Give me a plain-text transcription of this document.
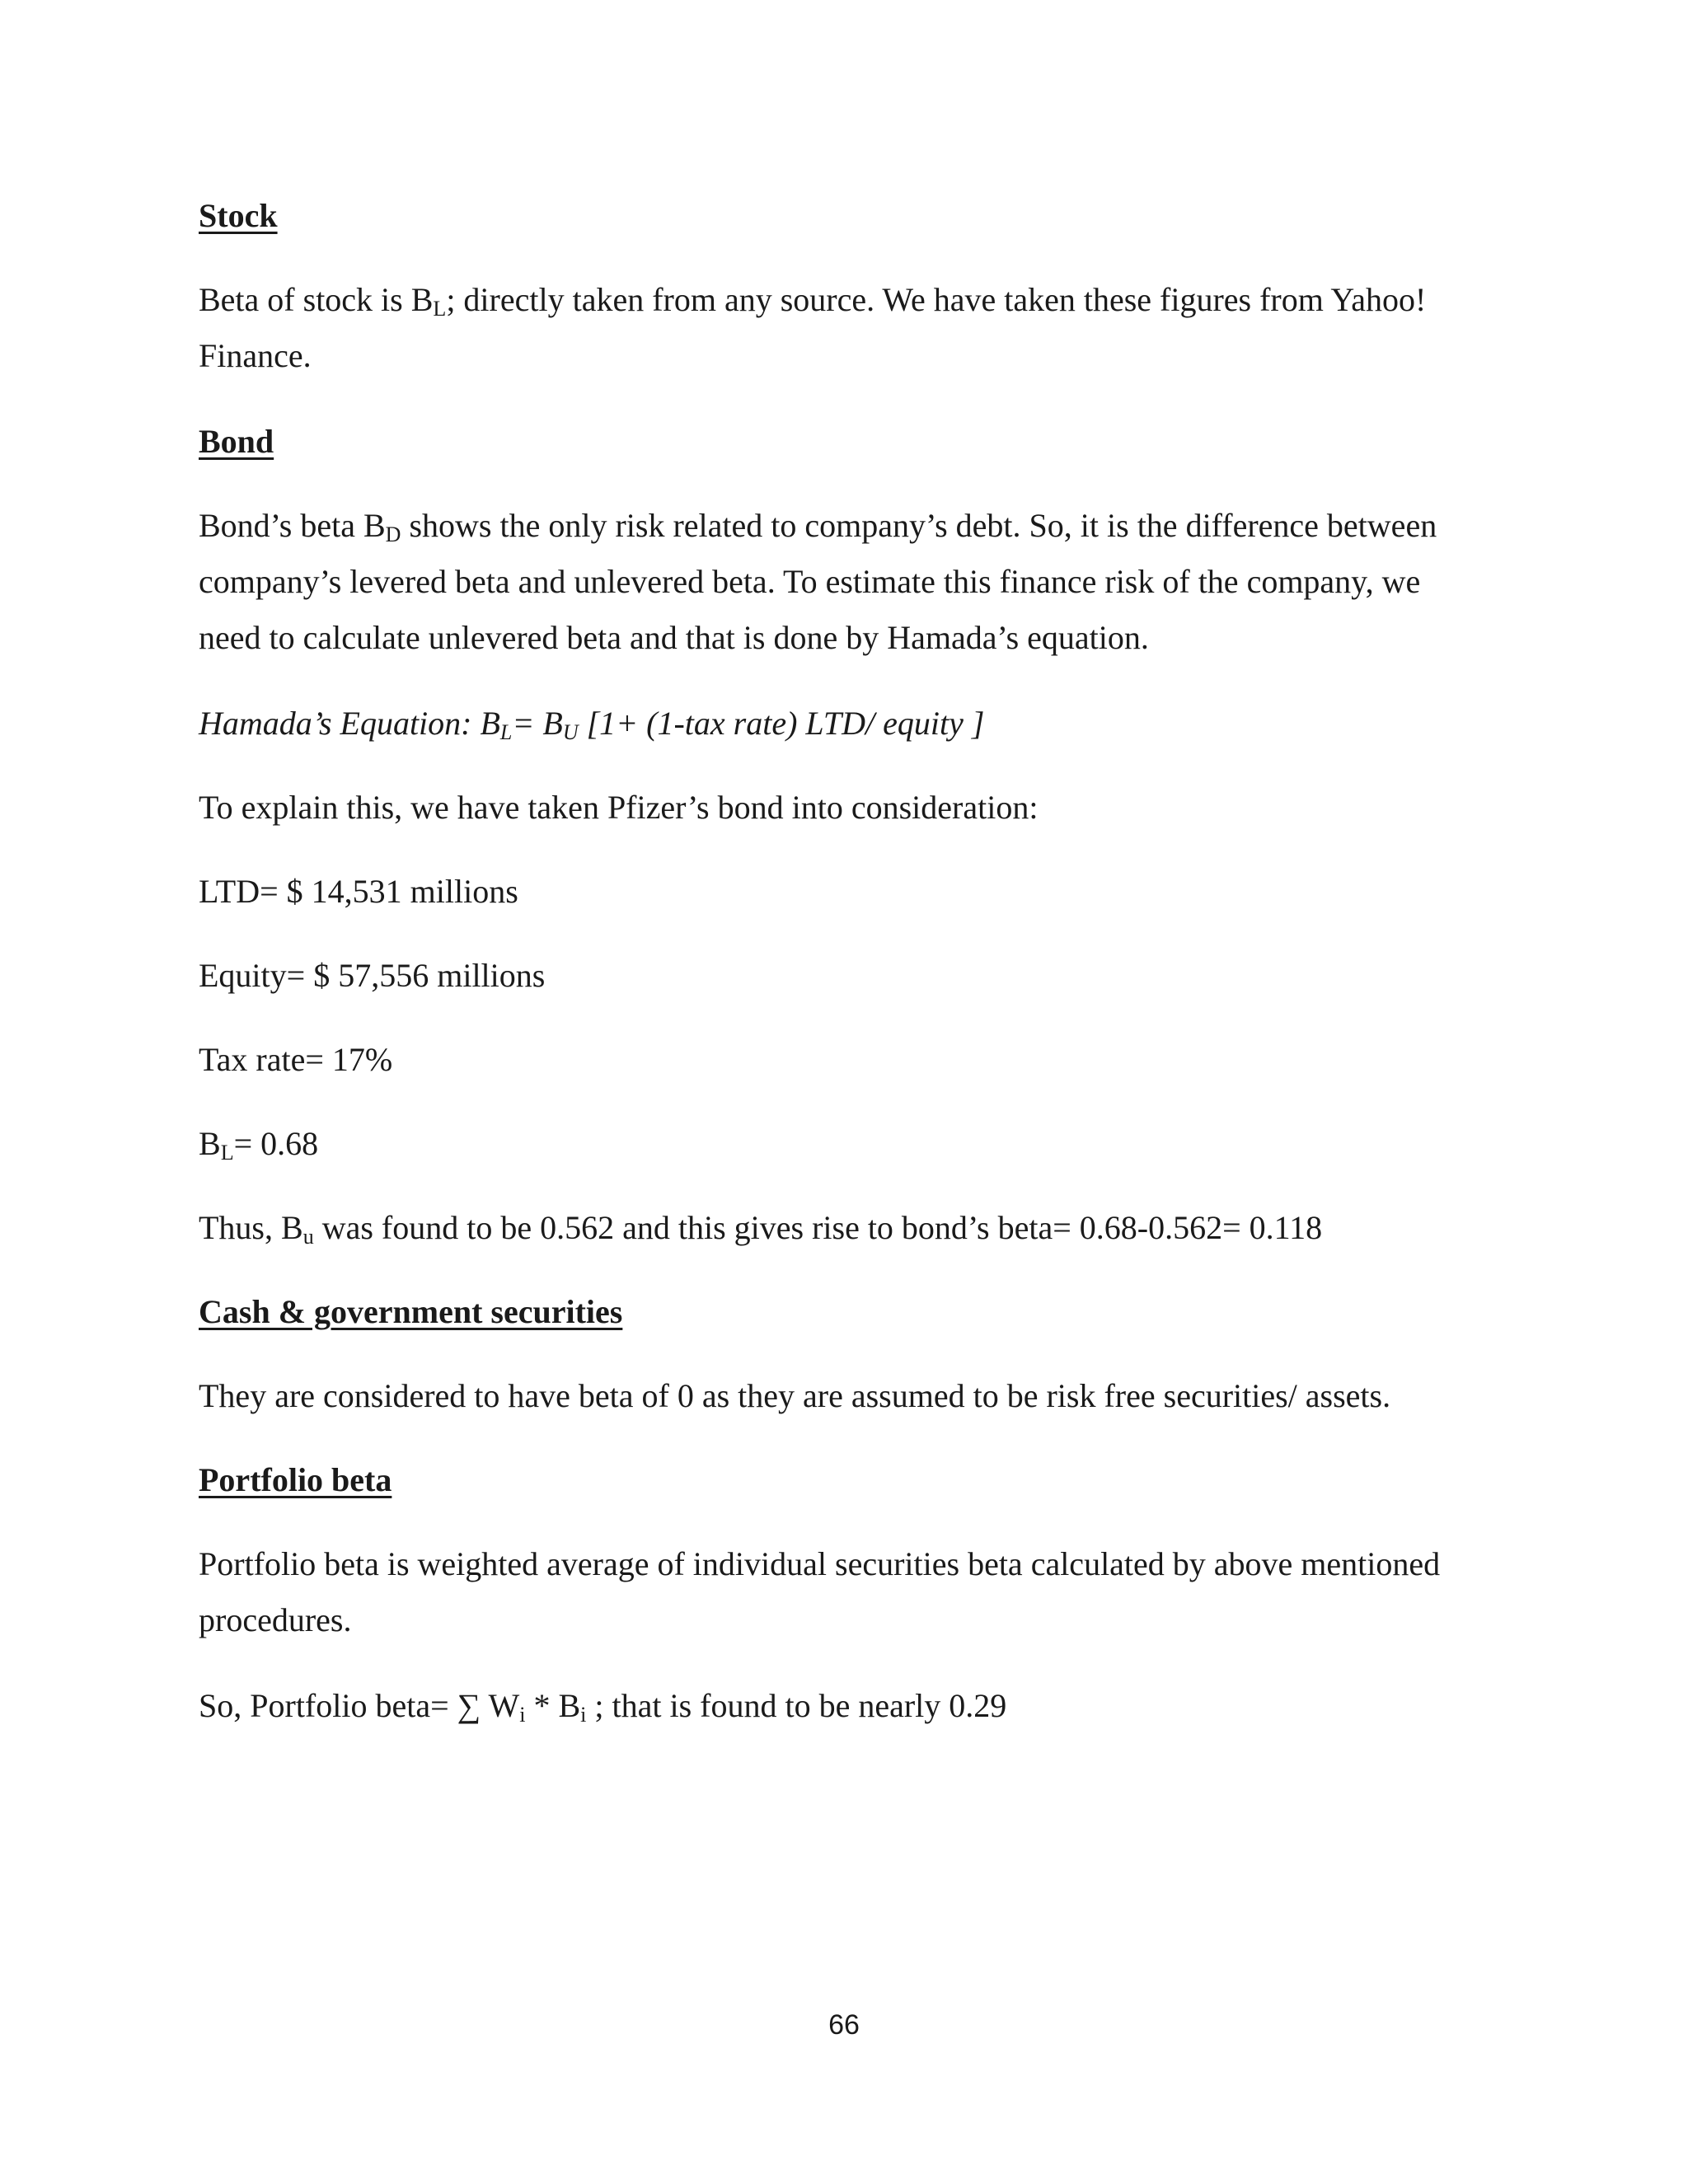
Stock
Beta of stock is $B_L$; directly taken from any source. We have taken these figures from Yahoo!
Finance.
Bond
Bond’s beta $B_D$ shows the only risk related to company’s debt. So, it is the difference between
company’s levered beta and unlevered beta. To estimate this finance risk of the company, we
need to calculate unlevered beta and that is done by Hamada’s equation.
Hamada’s Equation: $B_L= B_U$ [1+ (1-tax rate) LTD/ equity ]
To explain this, we have taken Pfizer’s bond into consideration:
LTD= $ 14,531 millions
Equity= $ 57,556 millions
Tax rate= 17%
$B_L= 0.68$
Thus, $B_u$ was found to be 0.562 and this gives rise to bond’s beta= 0.68-0.562= 0.118
Cash & government securities
They are considered to have beta of 0 as they are assumed to be risk free securities/ assets.
Portfolio beta
Portfolio beta is weighted average of individual securities beta calculated by above mentioned
procedures.
So, Portfolio beta= ∑ $W_i * B_i$ ; that is found to be nearly 0.29
66
